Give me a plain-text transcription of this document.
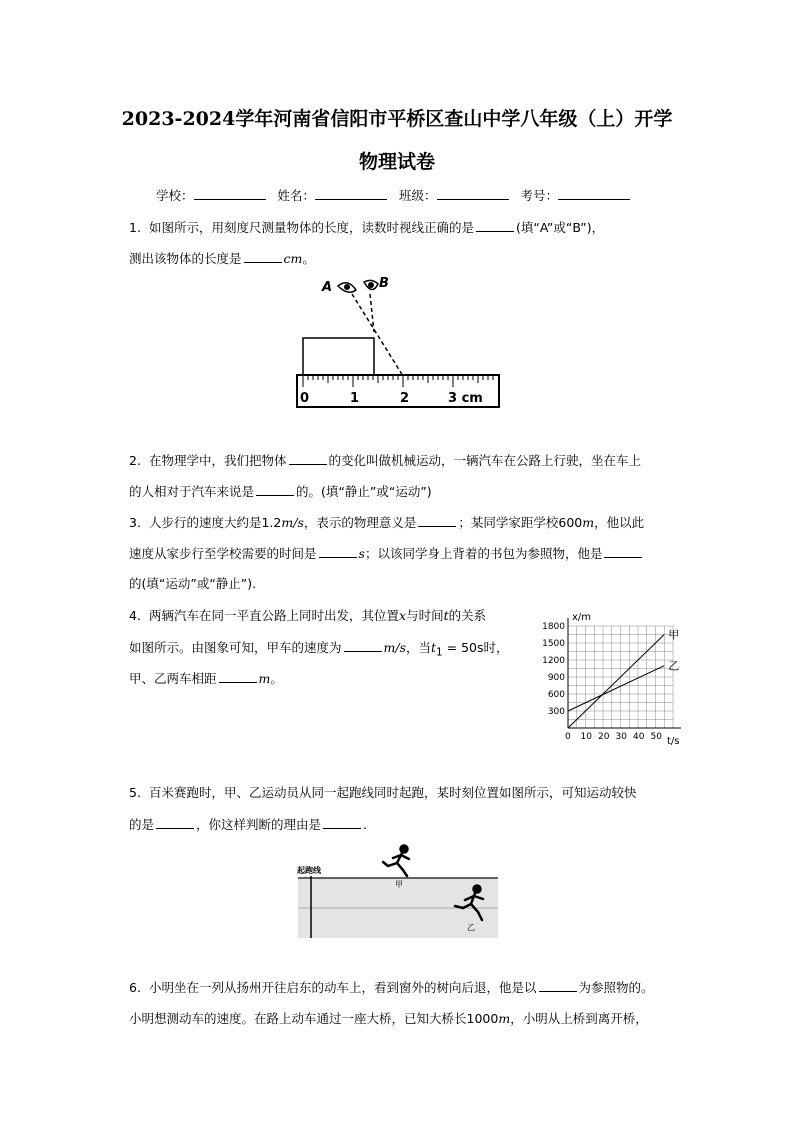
2023-2024学年河南省信阳市平桥区查山中学八年级（上）开学
物理试卷
学校：	姓名：	班级：	考号：
1. 如图所示，用刻度尺测量物体的长度，读数时视线正确的是	(填“A”或“B”)，
测出该物体的长度是	cm。
A	B
0	1	2	3 cm
2. 在物理学中，我们把物体	的变化叫做机械运动，一辆汽车在公路上行驶，坐在车上
的人相对于汽车来说是	的。(填“静止”或“运动”)
3. 人步行的速度大约是1.2m/s，表示的物理意义是	；某同学家距学校600m，他以此
速度从家步行至学校需要的时间是	s；以该同学身上背着的书包为参照物，他是
的(填“运动”或“静止”).
4. 两辆汽车在同一平直公路上同时出发，其位置x与时间t的关系
如图所示。由图象可知，甲车的速度为	m/s，当$t_1 = 50s$时，
甲、乙两车相距	m。
0 10 20 30 40 50
300
600
900
1200
1500
1800
x/m
t/s
甲
乙
5. 百米赛跑时，甲、乙运动员从同一起跑线同时起跑，某时刻位置如图所示，可知运动较快
的是	，你这样判断的理由是	.
起跑线
甲
乙
6. 小明坐在一列从扬州开往启东的动车上，看到窗外的树向后退，他是以	为参照物的。
小明想测动车的速度。在路上动车通过一座大桥，已知大桥长1000m，小明从上桥到离开桥，
